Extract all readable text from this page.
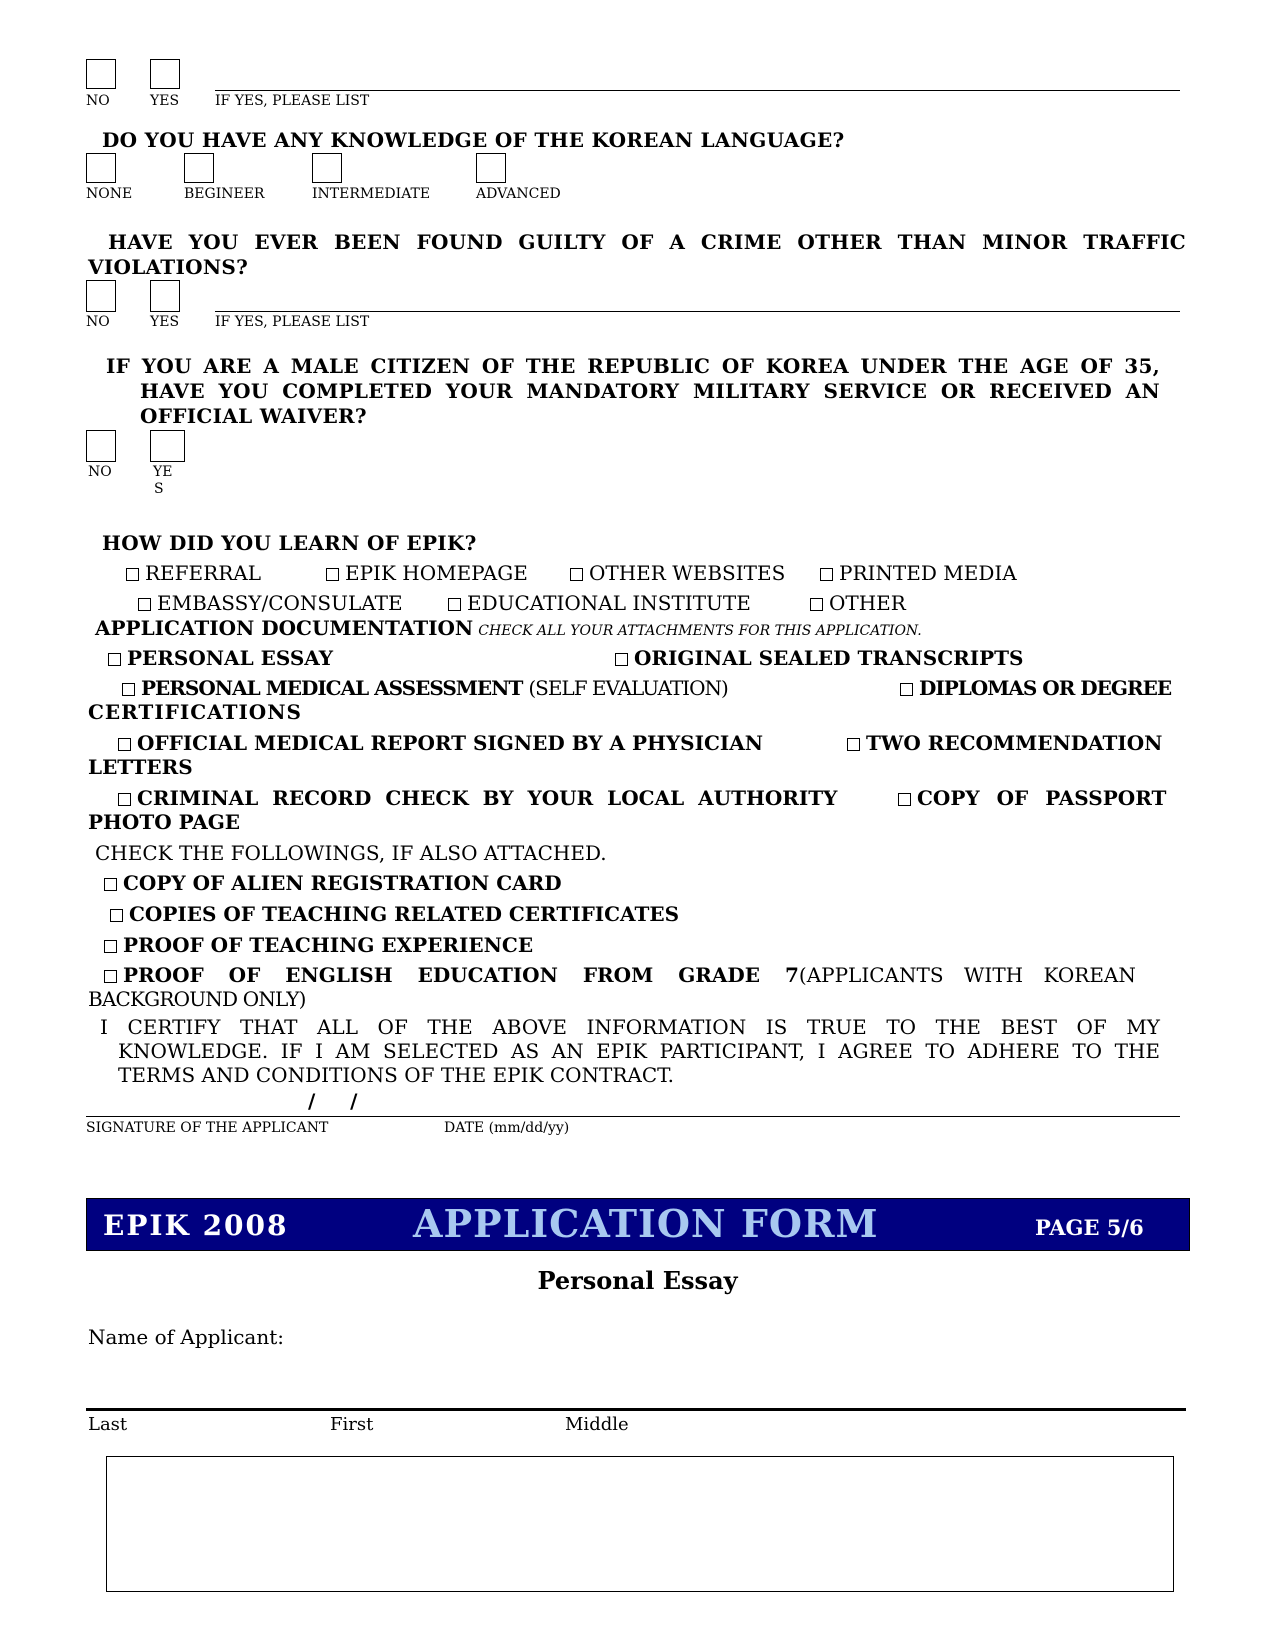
NO	YES	IF YES, PLEASE LIST
DO YOU HAVE ANY KNOWLEDGE OF THE KOREAN LANGUAGE?
NONE	BEGINEER	INTERMEDIATE	ADVANCED
HAVE YOU EVER BEEN FOUND GUILTY OF A CRIME OTHER THAN MINOR TRAFFIC
VIOLATIONS?
NO	YES	IF YES, PLEASE LIST
IF YOU ARE A MALE CITIZEN OF THE REPUBLIC OF KOREA UNDER THE AGE OF 35,
HAVE YOU COMPLETED YOUR MANDATORY MILITARY SERVICE OR RECEIVED AN
OFFICIAL WAIVER?
NO	YE
S
HOW DID YOU LEARN OF EPIK?
REFERRAL	EPIK HOMEPAGE	OTHER WEBSITES	PRINTED MEDIA
EMBASSY/CONSULATE	EDUCATIONAL INSTITUTE	OTHER
APPLICATION DOCUMENTATION CHECK ALL YOUR ATTACHMENTS FOR THIS APPLICATION.
PERSONAL ESSAY	ORIGINAL SEALED TRANSCRIPTS
PERSONAL MEDICAL ASSESSMENT (SELF EVALUATION)	DIPLOMAS OR DEGREE
CERTIFICATIONS
OFFICIAL MEDICAL REPORT SIGNED BY A PHYSICIAN	TWO RECOMMENDATION
LETTERS
CRIMINAL RECORD CHECK BY YOUR LOCAL AUTHORITY	COPY OF PASSPORT
PHOTO PAGE
CHECK THE FOLLOWINGS, IF ALSO ATTACHED.
COPY OF ALIEN REGISTRATION CARD
COPIES OF TEACHING RELATED CERTIFICATES
PROOF OF TEACHING EXPERIENCE
PROOF OF ENGLISH EDUCATION FROM GRADE 7(APPLICANTS WITH KOREAN
BACKGROUND ONLY)
I CERTIFY THAT ALL OF THE ABOVE INFORMATION IS TRUE TO THE BEST OF MY
KNOWLEDGE. IF I AM SELECTED AS AN EPIK PARTICIPANT, I AGREE TO ADHERE TO THE
TERMS AND CONDITIONS OF THE EPIK CONTRACT.
/     /
SIGNATURE OF THE APPLICANT	DATE (mm/dd/yy)
EPIK 2008	APPLICATION FORM	PAGE 5/6
Personal Essay
Name of Applicant:
Last	First	Middle
